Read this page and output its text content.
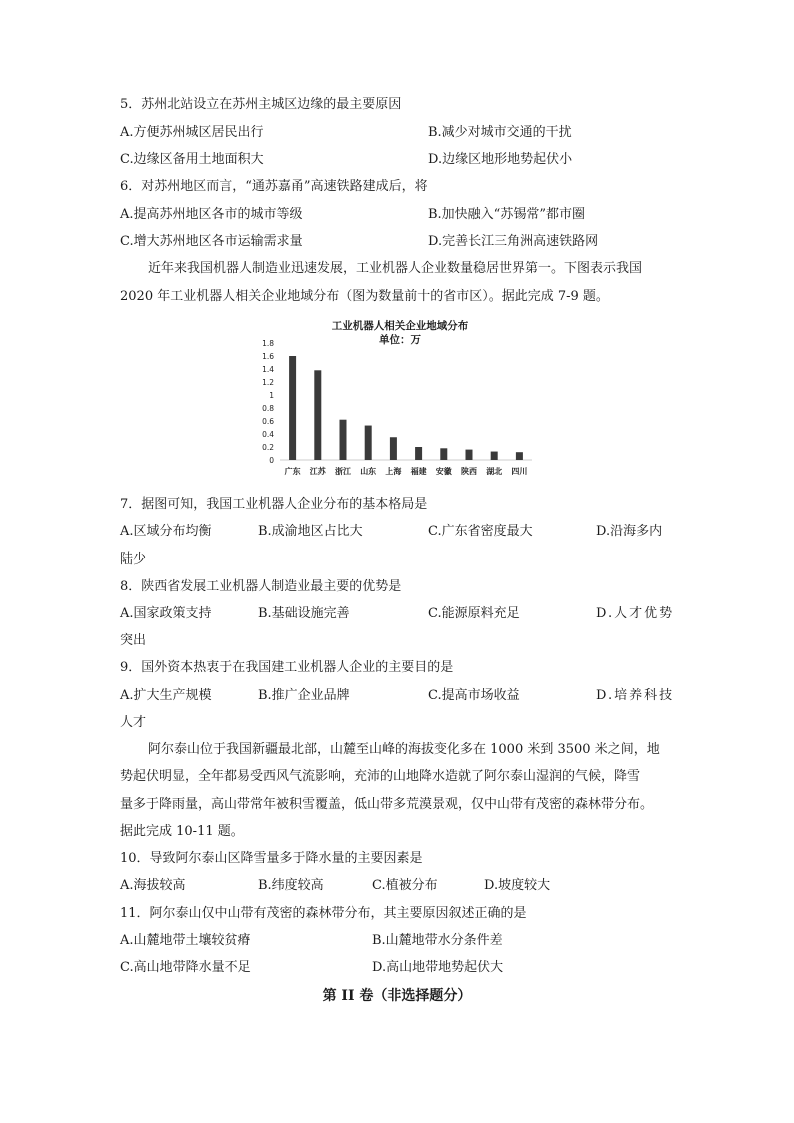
5．苏州北站设立在苏州主城区边缘的最主要原因
A.方便苏州城区居民出行	B.减少对城市交通的干扰
C.边缘区备用土地面积大	D.边缘区地形地势起伏小
6．对苏州地区而言，“通苏嘉甬”高速铁路建成后，将
A.提高苏州地区各市的城市等级	B.加快融入“苏锡常”都市圈
C.增大苏州地区各市运输需求量	D.完善长江三角洲高速铁路网
近年来我国机器人制造业迅速发展，工业机器人企业数量稳居世界第一。下图表示我国
2020 年工业机器人相关企业地域分布（图为数量前十的省市区）。据此完成 7-9 题。
工业机器人相关企业地域分布
单位：万
1.8
1.6
1.4
1.2
1
0.8
0.6
0.4
0.2
0
广东 江苏 浙江 山东 上海 福建 安徽 陕西 湖北 四川
7．据图可知，我国工业机器人企业分布的基本格局是
A.区域分布均衡	B.成渝地区占比大	C.广东省密度最大	D.沿海多内
陆少
8．陕西省发展工业机器人制造业最主要的优势是
A.国家政策支持	B.基础设施完善	C.能源原料充足	D.人才优势
突出
9．国外资本热衷于在我国建工业机器人企业的主要目的是
A.扩大生产规模	B.推广企业品牌	C.提高市场收益	D.培养科技
人才
阿尔泰山位于我国新疆最北部，山麓至山峰的海拔变化多在 1000 米到 3500 米之间，地
势起伏明显，全年都易受西风气流影响，充沛的山地降水造就了阿尔泰山湿润的气候，降雪
量多于降雨量，高山带常年被积雪覆盖，低山带多荒漠景观，仅中山带有茂密的森林带分布。
据此完成 10-11 题。
10．导致阿尔泰山区降雪量多于降水量的主要因素是
A.海拔较高	B.纬度较高	C.植被分布	D.坡度较大
11．阿尔泰山仅中山带有茂密的森林带分布，其主要原因叙述正确的是
A.山麓地带土壤较贫瘠	B.山麓地带水分条件差
C.高山地带降水量不足	D.高山地带地势起伏大
第 II 卷（非选择题分）
